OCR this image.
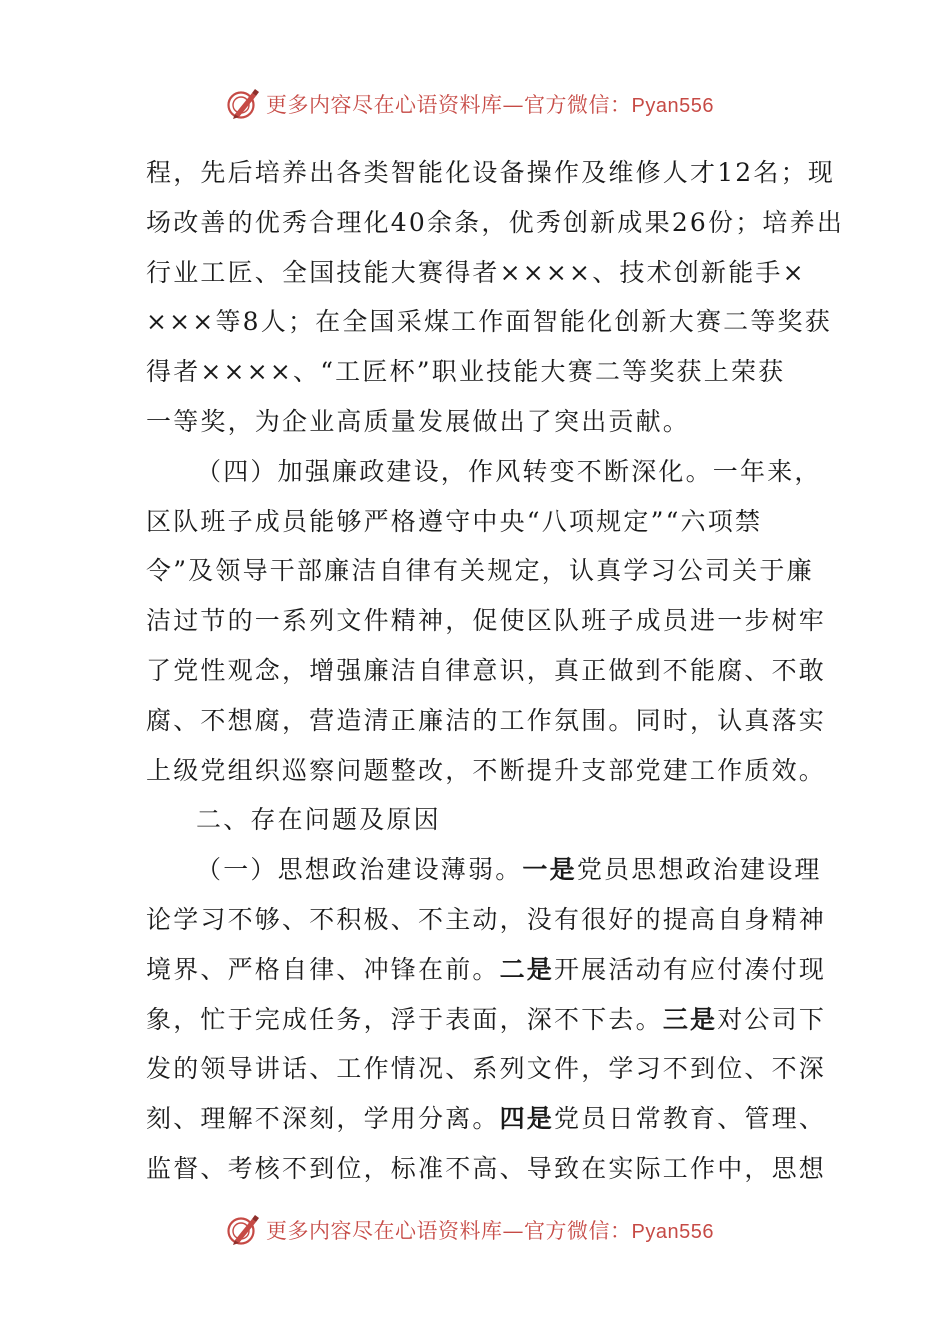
更多内容尽在心语资料库—官方微信：Pyan556
程，先后培养出各类智能化设备操作及维修人才12名；现
场改善的优秀合理化40余条，优秀创新成果26份；培养出
行业工匠、全国技能大赛得者××××、技术创新能手×
×××等8人；在全国采煤工作面智能化创新大赛二等奖获
得者××××、“工匠杯”职业技能大赛二等奖获上荣获
一等奖，为企业高质量发展做出了突出贡献。
（四）加强廉政建设，作风转变不断深化。一年来，
区队班子成员能够严格遵守中央“八项规定”“六项禁
令”及领导干部廉洁自律有关规定，认真学习公司关于廉
洁过节的一系列文件精神，促使区队班子成员进一步树牢
了党性观念，增强廉洁自律意识，真正做到不能腐、不敢
腐、不想腐，营造清正廉洁的工作氛围。同时，认真落实
上级党组织巡察问题整改，不断提升支部党建工作质效。
二、存在问题及原因
（一）思想政治建设薄弱。一是党员思想政治建设理
论学习不够、不积极、不主动，没有很好的提高自身精神
境界、严格自律、冲锋在前。二是开展活动有应付凑付现
象，忙于完成任务，浮于表面，深不下去。三是对公司下
发的领导讲话、工作情况、系列文件，学习不到位、不深
刻、理解不深刻，学用分离。四是党员日常教育、管理、
监督、考核不到位，标准不高、导致在实际工作中，思想
更多内容尽在心语资料库—官方微信：Pyan556
